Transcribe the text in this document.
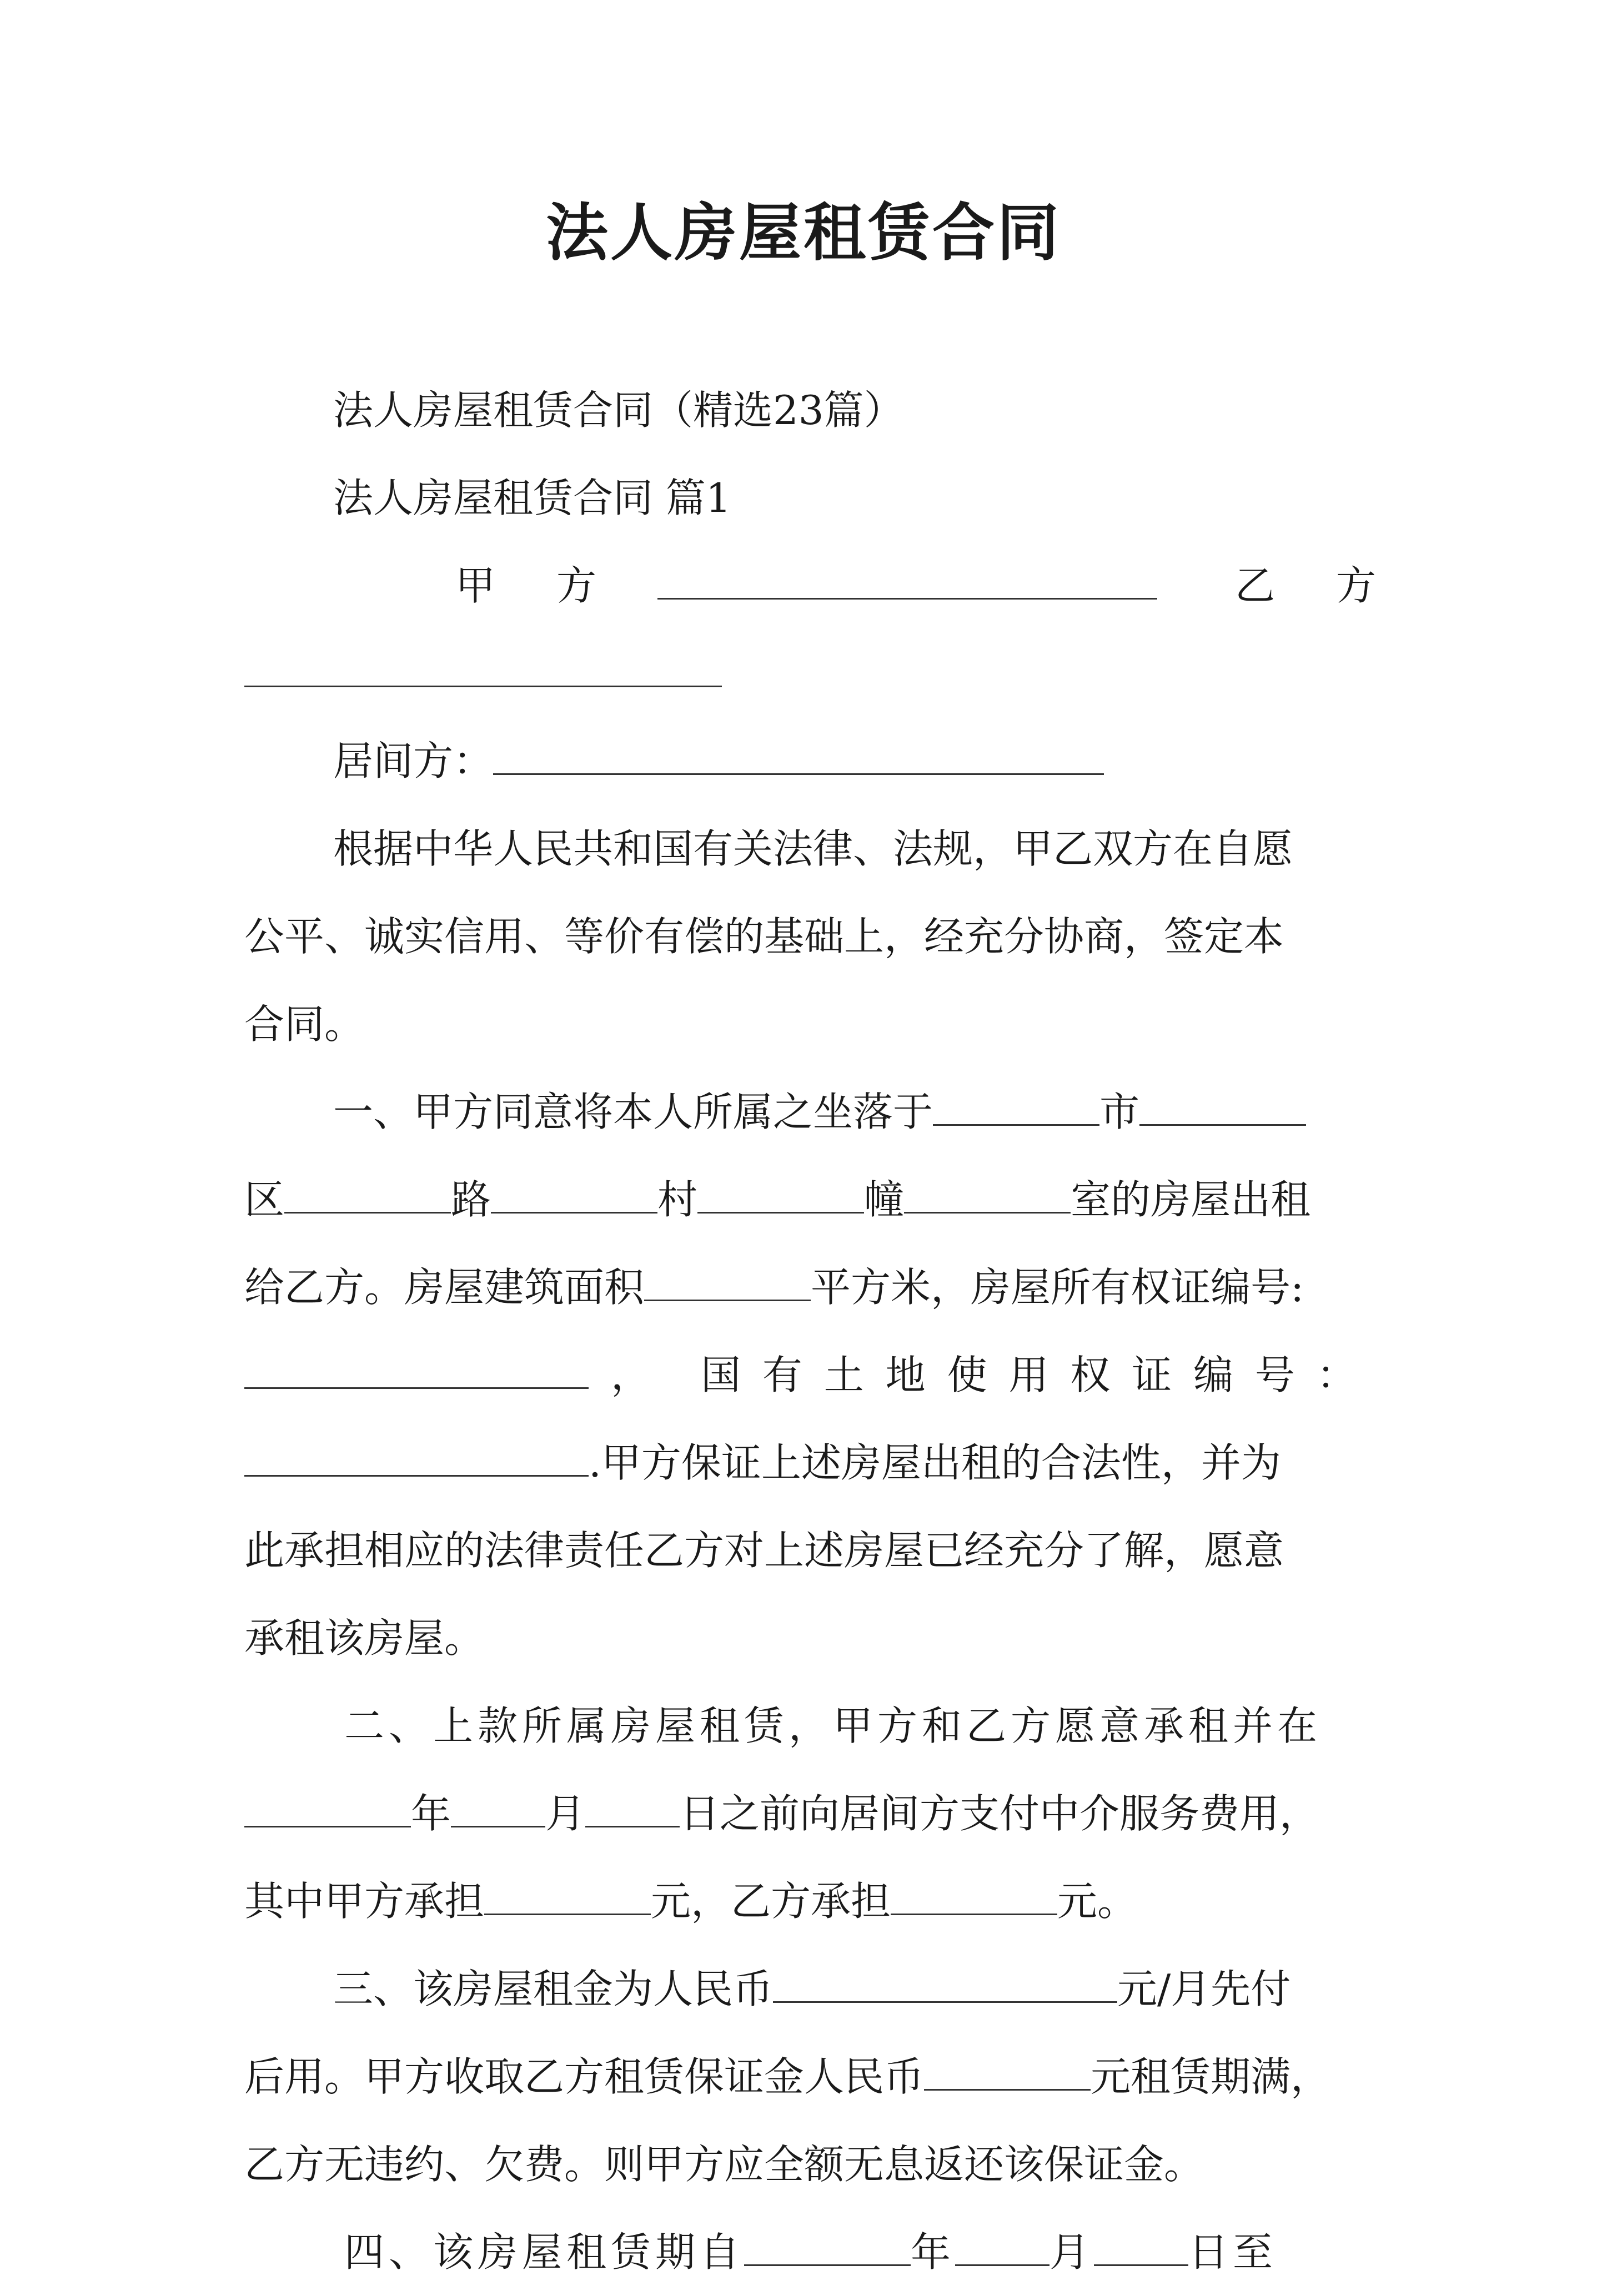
法人房屋租赁合同
法人房屋租赁合同（精选23篇）
法人房屋租赁合同 篇1
甲 方	乙 方
居间方：
根据中华人民共和国有关法律、法规，甲乙双方在自愿
公平、诚实信用、等价有偿的基础上，经充分协商，签定本
合同。
一、甲方同意将本人所属之坐落于	市
区	路	村	幢	室的房屋出租
给乙方。房屋建筑面积	平方米，房屋所有权证编号:
， 国 有 土 地 使 用 权 证 编 号 ：
.甲方保证上述房屋出租的合法性，并为
此承担相应的法律责任乙方对上述房屋已经充分了解，愿意
承租该房屋。
二、上款所属房屋租赁，甲方和乙方愿意承租并在
年 月 日之前向居间方支付中介服务费用，
其中甲方承担	元，乙方承担	元。
三、该房屋租金为人民币	元/月先付
后用。甲方收取乙方租赁保证金人民币	元租赁期满，
乙方无违约、欠费。则甲方应全额无息返还该保证金。
四、该房屋租赁期自	年 月 日至
